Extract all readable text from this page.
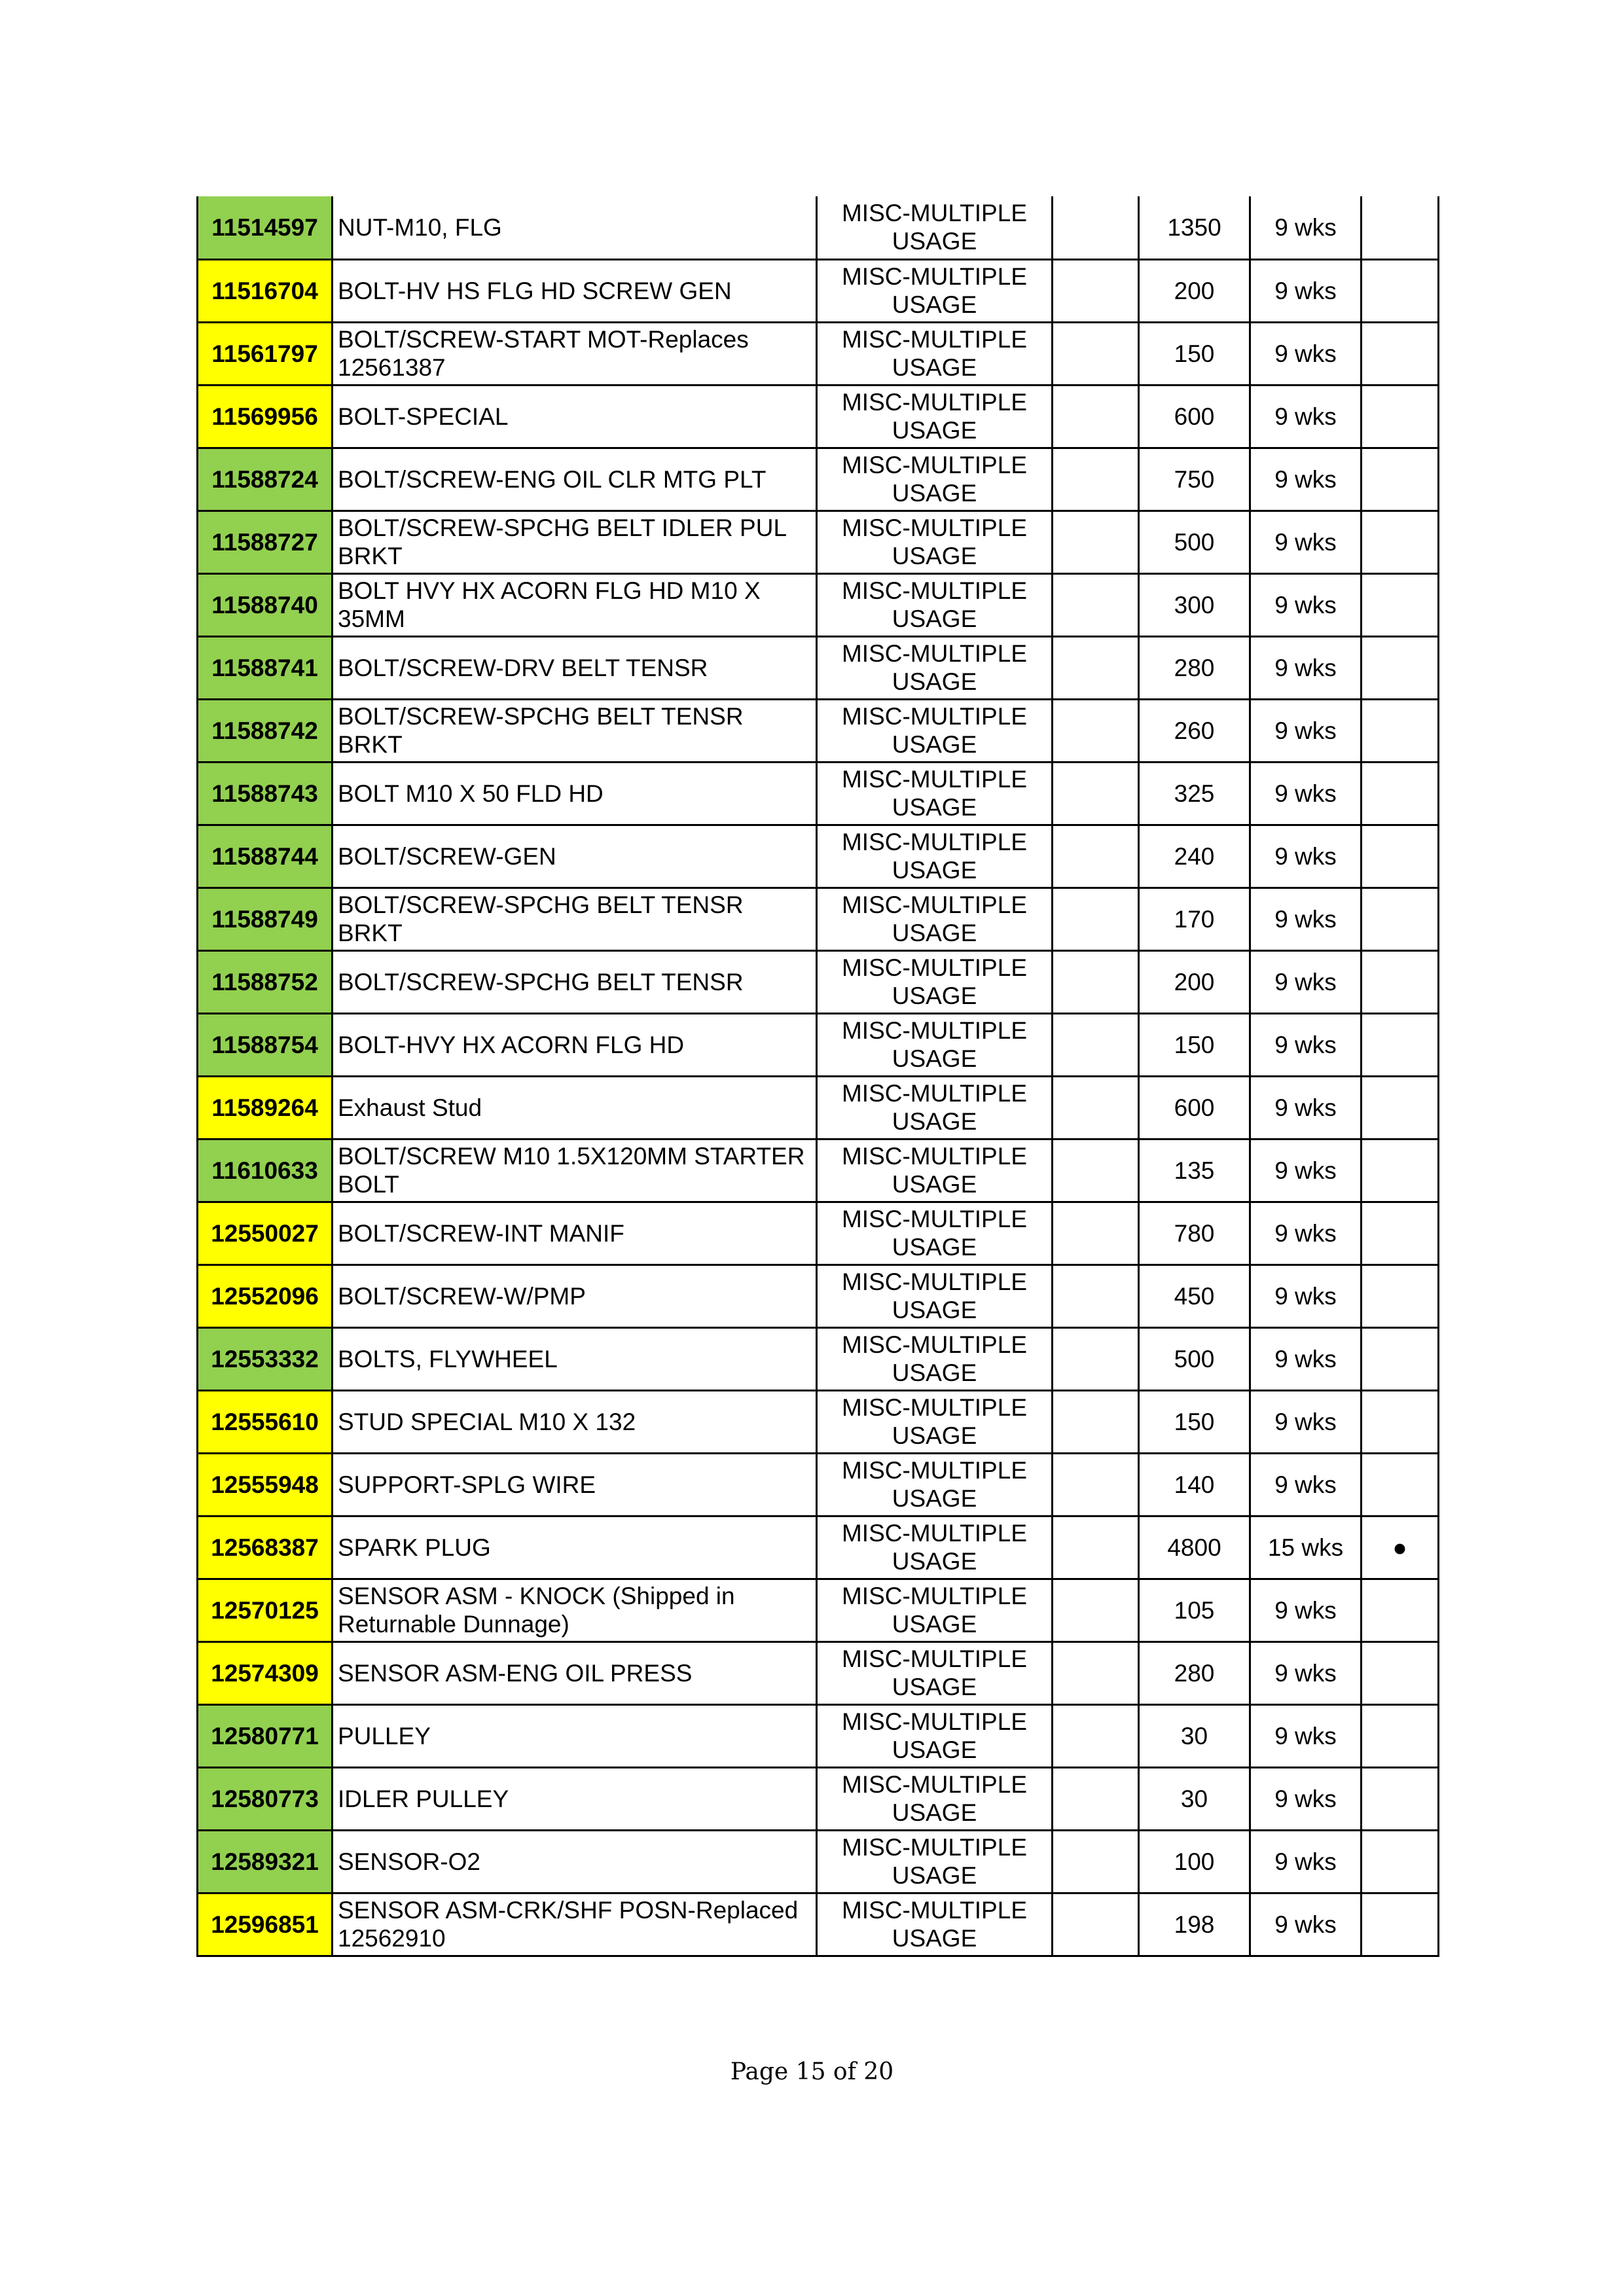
11514597	NUT-M10, FLG	MISC-MULTIPLE USAGE		1350	9 wks	
11516704	BOLT-HV HS FLG HD SCREW GEN	MISC-MULTIPLE USAGE		200	9 wks	
11561797	BOLT/SCREW-START MOT-Replaces 12561387	MISC-MULTIPLE USAGE		150	9 wks	
11569956	BOLT-SPECIAL	MISC-MULTIPLE USAGE		600	9 wks	
11588724	BOLT/SCREW-ENG OIL CLR MTG PLT	MISC-MULTIPLE USAGE		750	9 wks	
11588727	BOLT/SCREW-SPCHG BELT IDLER PUL BRKT	MISC-MULTIPLE USAGE		500	9 wks	
11588740	BOLT HVY HX ACORN FLG HD M10 X 35MM	MISC-MULTIPLE USAGE		300	9 wks	
11588741	BOLT/SCREW-DRV BELT TENSR	MISC-MULTIPLE USAGE		280	9 wks	
11588742	BOLT/SCREW-SPCHG BELT TENSR BRKT	MISC-MULTIPLE USAGE		260	9 wks	
11588743	BOLT M10 X 50 FLD HD	MISC-MULTIPLE USAGE		325	9 wks	
11588744	BOLT/SCREW-GEN	MISC-MULTIPLE USAGE		240	9 wks	
11588749	BOLT/SCREW-SPCHG BELT TENSR BRKT	MISC-MULTIPLE USAGE		170	9 wks	
11588752	BOLT/SCREW-SPCHG BELT TENSR	MISC-MULTIPLE USAGE		200	9 wks	
11588754	BOLT-HVY HX ACORN FLG HD	MISC-MULTIPLE USAGE		150	9 wks	
11589264	Exhaust Stud	MISC-MULTIPLE USAGE		600	9 wks	
11610633	BOLT/SCREW M10 1.5X120MM STARTER BOLT	MISC-MULTIPLE USAGE		135	9 wks	
12550027	BOLT/SCREW-INT MANIF	MISC-MULTIPLE USAGE		780	9 wks	
12552096	BOLT/SCREW-W/PMP	MISC-MULTIPLE USAGE		450	9 wks	
12553332	BOLTS, FLYWHEEL	MISC-MULTIPLE USAGE		500	9 wks	
12555610	STUD SPECIAL M10 X 132	MISC-MULTIPLE USAGE		150	9 wks	
12555948	SUPPORT-SPLG WIRE	MISC-MULTIPLE USAGE		140	9 wks	
12568387	SPARK PLUG	MISC-MULTIPLE USAGE		4800	15 wks	●
12570125	SENSOR ASM - KNOCK (Shipped in Returnable Dunnage)	MISC-MULTIPLE USAGE		105	9 wks	
12574309	SENSOR ASM-ENG OIL PRESS	MISC-MULTIPLE USAGE		280	9 wks	
12580771	PULLEY	MISC-MULTIPLE USAGE		30	9 wks	
12580773	IDLER PULLEY	MISC-MULTIPLE USAGE		30	9 wks	
12589321	SENSOR-O2	MISC-MULTIPLE USAGE		100	9 wks	
12596851	SENSOR ASM-CRK/SHF POSN-Replaced 12562910	MISC-MULTIPLE USAGE		198	9 wks	
Page 15 of 20
